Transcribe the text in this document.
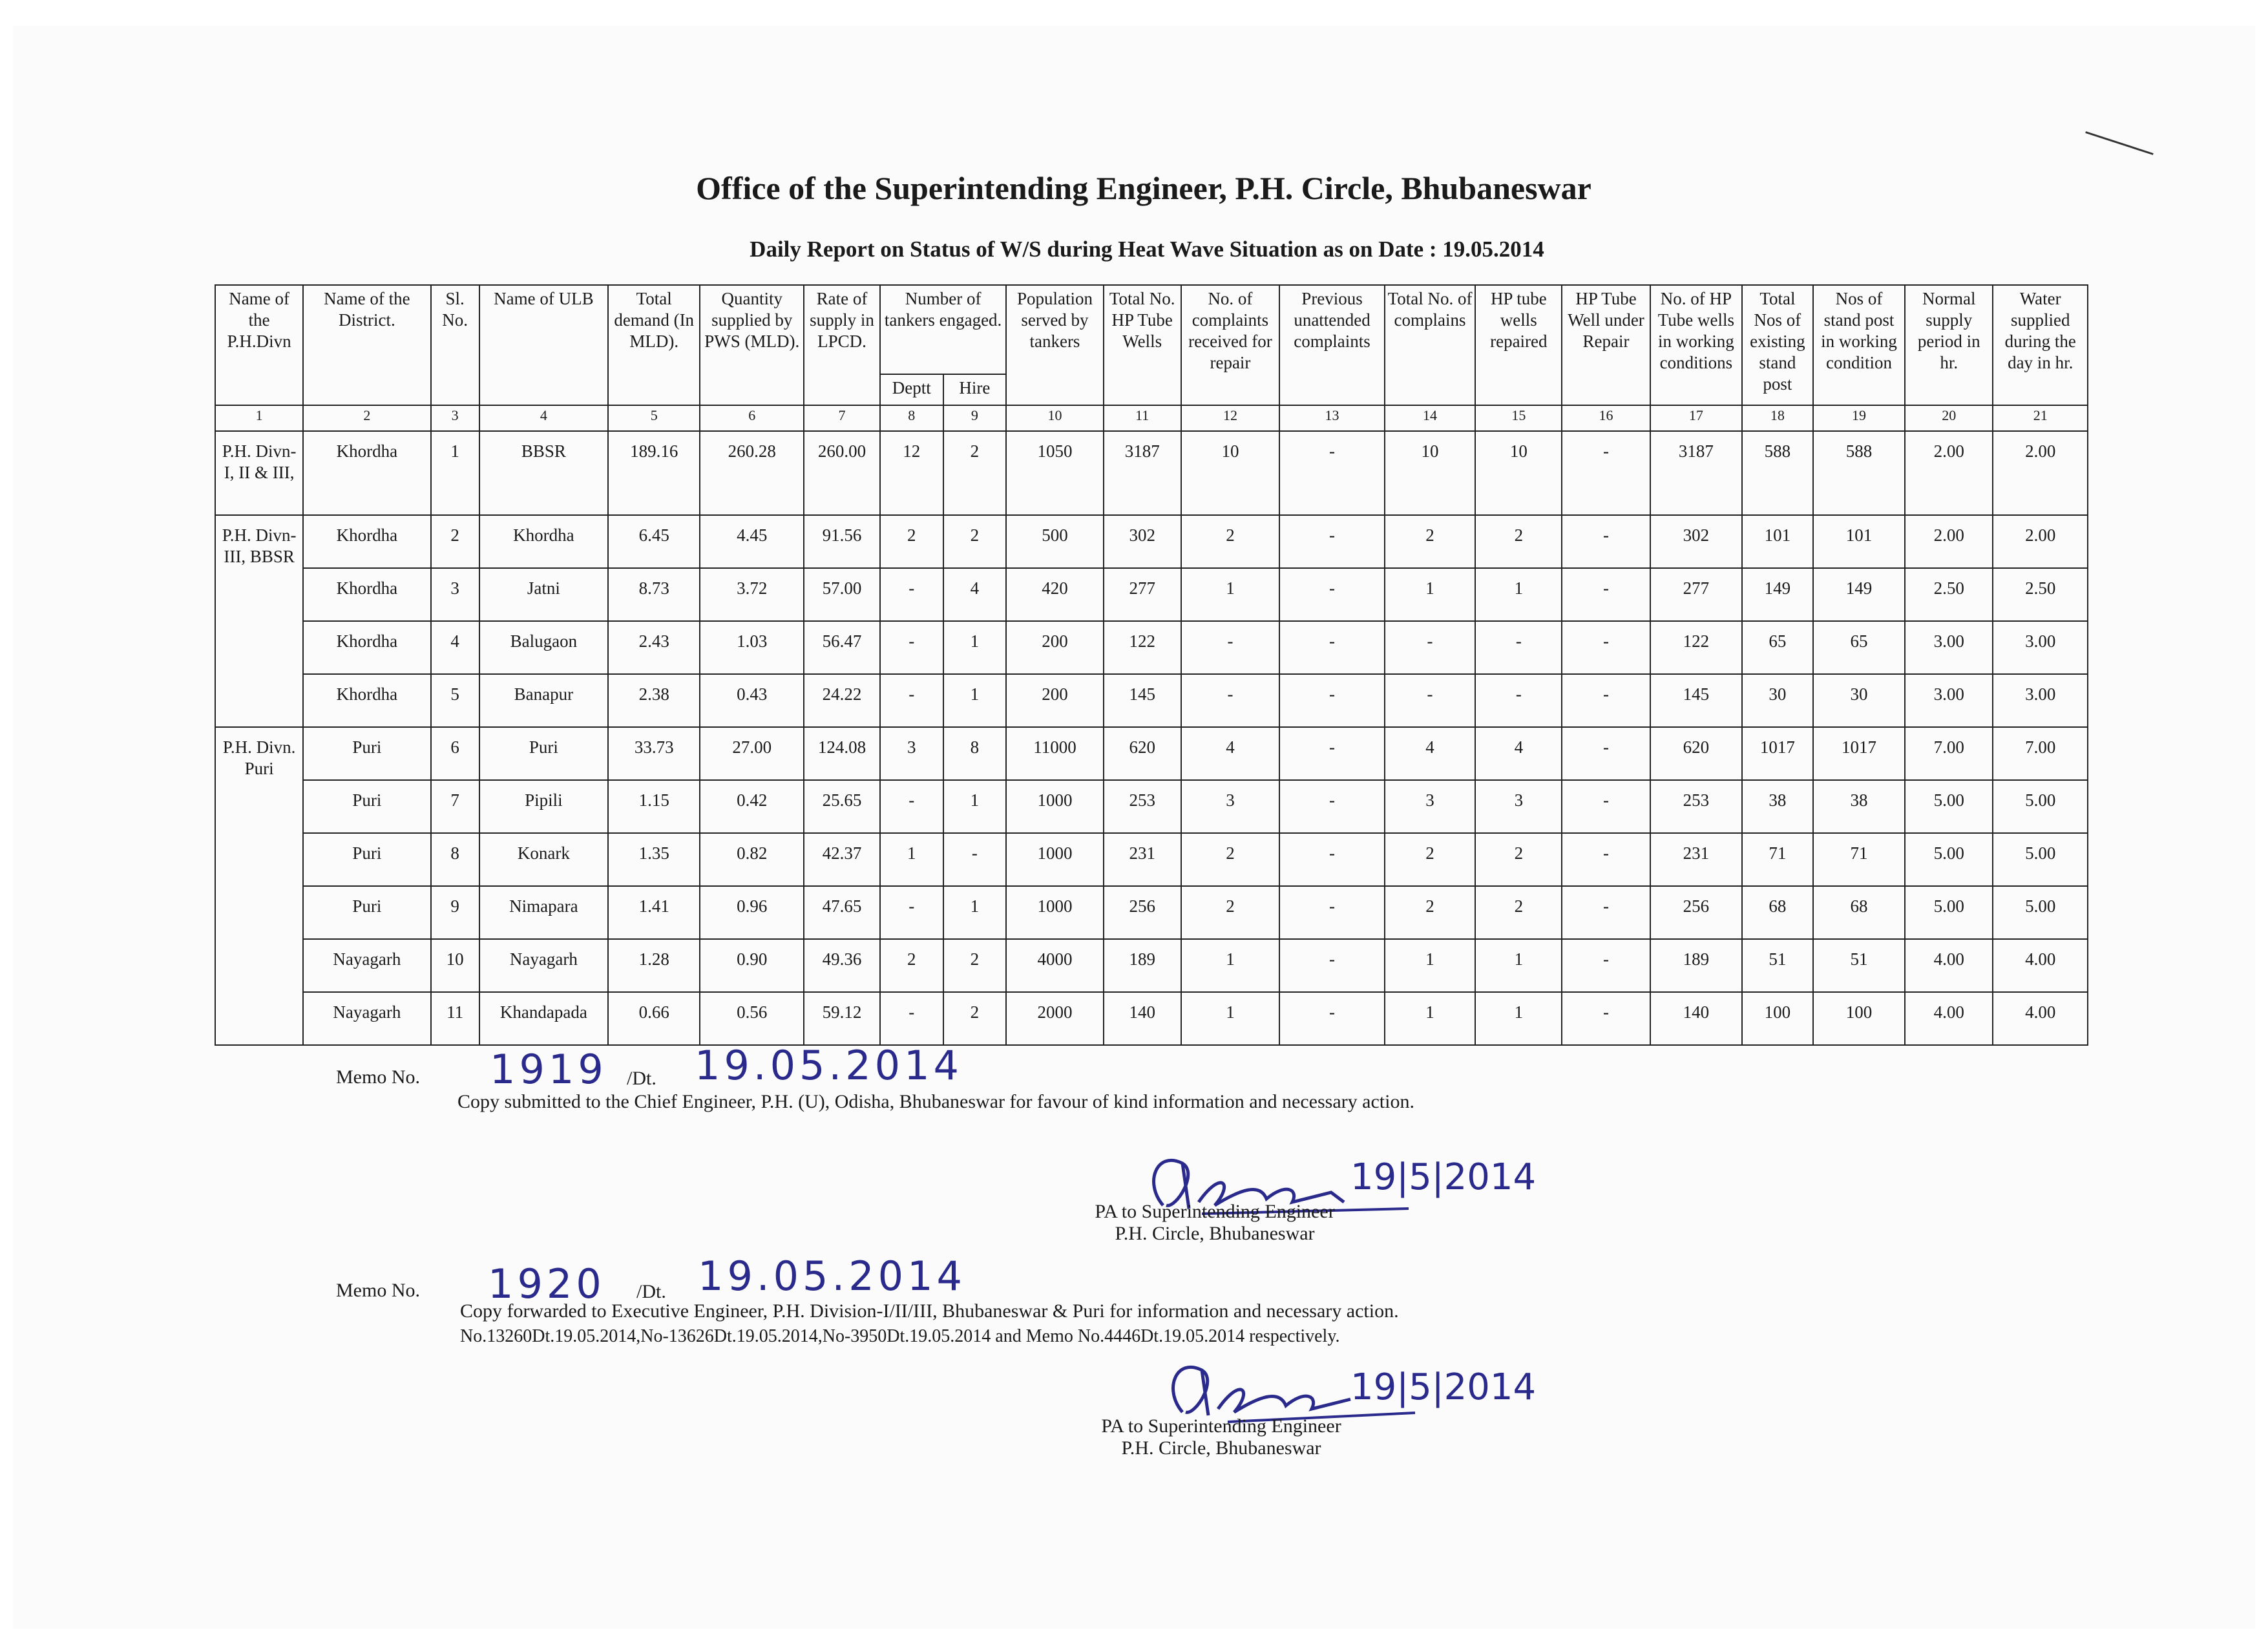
Office of the Superintending Engineer, P.H. Circle, Bhubaneswar
Daily Report on Status of W/S during Heat Wave Situation as on Date : 19.05.2014
Name of the P.H.Divn	Name of the District.	Sl. No.	Name of ULB	Total demand (In MLD).	Quantity supplied by PWS (MLD).	Rate of supply in LPCD.	Number of tankers engaged.		Population served by tankers	Total No. HP Tube Wells	No. of complaints received for repair	Previous unattended complaints	Total No. of complains	HP tube wells repaired	HP Tube Well under Repair	No. of HP Tube wells in working conditions	Total Nos of existing stand post	Nos of stand post in working condition	Normal supply period in hr.	Water supplied during the day in hr.
							Deptt	Hire												
1	2	3	4	5	6	7	8	9	10	11	12	13	14	15	16	17	18	19	20	21
P.H. Divn-I, II & III,	Khordha	1	BBSR	189.16	260.28	260.00	12	2	1050	3187	10	-	10	10	-	3187	588	588	2.00	2.00
P.H. Divn-III, BBSR	Khordha	2	Khordha	6.45	4.45	91.56	2	2	500	302	2	-	2	2	-	302	101	101	2.00	2.00
	Khordha	3	Jatni	8.73	3.72	57.00	-	4	420	277	1	-	1	1	-	277	149	149	2.50	2.50
	Khordha	4	Balugaon	2.43	1.03	56.47	-	1	200	122	-	-	-	-	-	122	65	65	3.00	3.00
	Khordha	5	Banapur	2.38	0.43	24.22	-	1	200	145	-	-	-	-	-	145	30	30	3.00	3.00
P.H. Divn. Puri	Puri	6	Puri	33.73	27.00	124.08	3	8	11000	620	4	-	4	4	-	620	1017	1017	7.00	7.00
	Puri	7	Pipili	1.15	0.42	25.65	-	1	1000	253	3	-	3	3	-	253	38	38	5.00	5.00
	Puri	8	Konark	1.35	0.82	42.37	1	-	1000	231	2	-	2	2	-	231	71	71	5.00	5.00
	Puri	9	Nimapara	1.41	0.96	47.65	-	1	1000	256	2	-	2	2	-	256	68	68	5.00	5.00
	Nayagarh	10	Nayagarh	1.28	0.90	49.36	2	2	4000	189	1	-	1	1	-	189	51	51	4.00	4.00
	Nayagarh	11	Khandapada	0.66	0.56	59.12	-	2	2000	140	1	-	1	1	-	140	100	100	4.00	4.00
Memo No. 1919 /Dt. 19.05.2014
Copy submitted to the Chief Engineer, P.H. (U), Odisha, Bhubaneswar for favour of kind information and necessary action.
19|5|2014
PA to Superintending Engineer
P.H. Circle, Bhubaneswar
Memo No. 1920 /Dt. 19.05.2014
Copy forwarded to Executive Engineer, P.H. Division-I/II/III, Bhubaneswar & Puri for information and necessary action.
No.13260Dt.19.05.2014,No-13626Dt.19.05.2014,No-3950Dt.19.05.2014 and Memo No.4446Dt.19.05.2014 respectively.
19|5|2014
PA to Superintending Engineer
P.H. Circle, Bhubaneswar
